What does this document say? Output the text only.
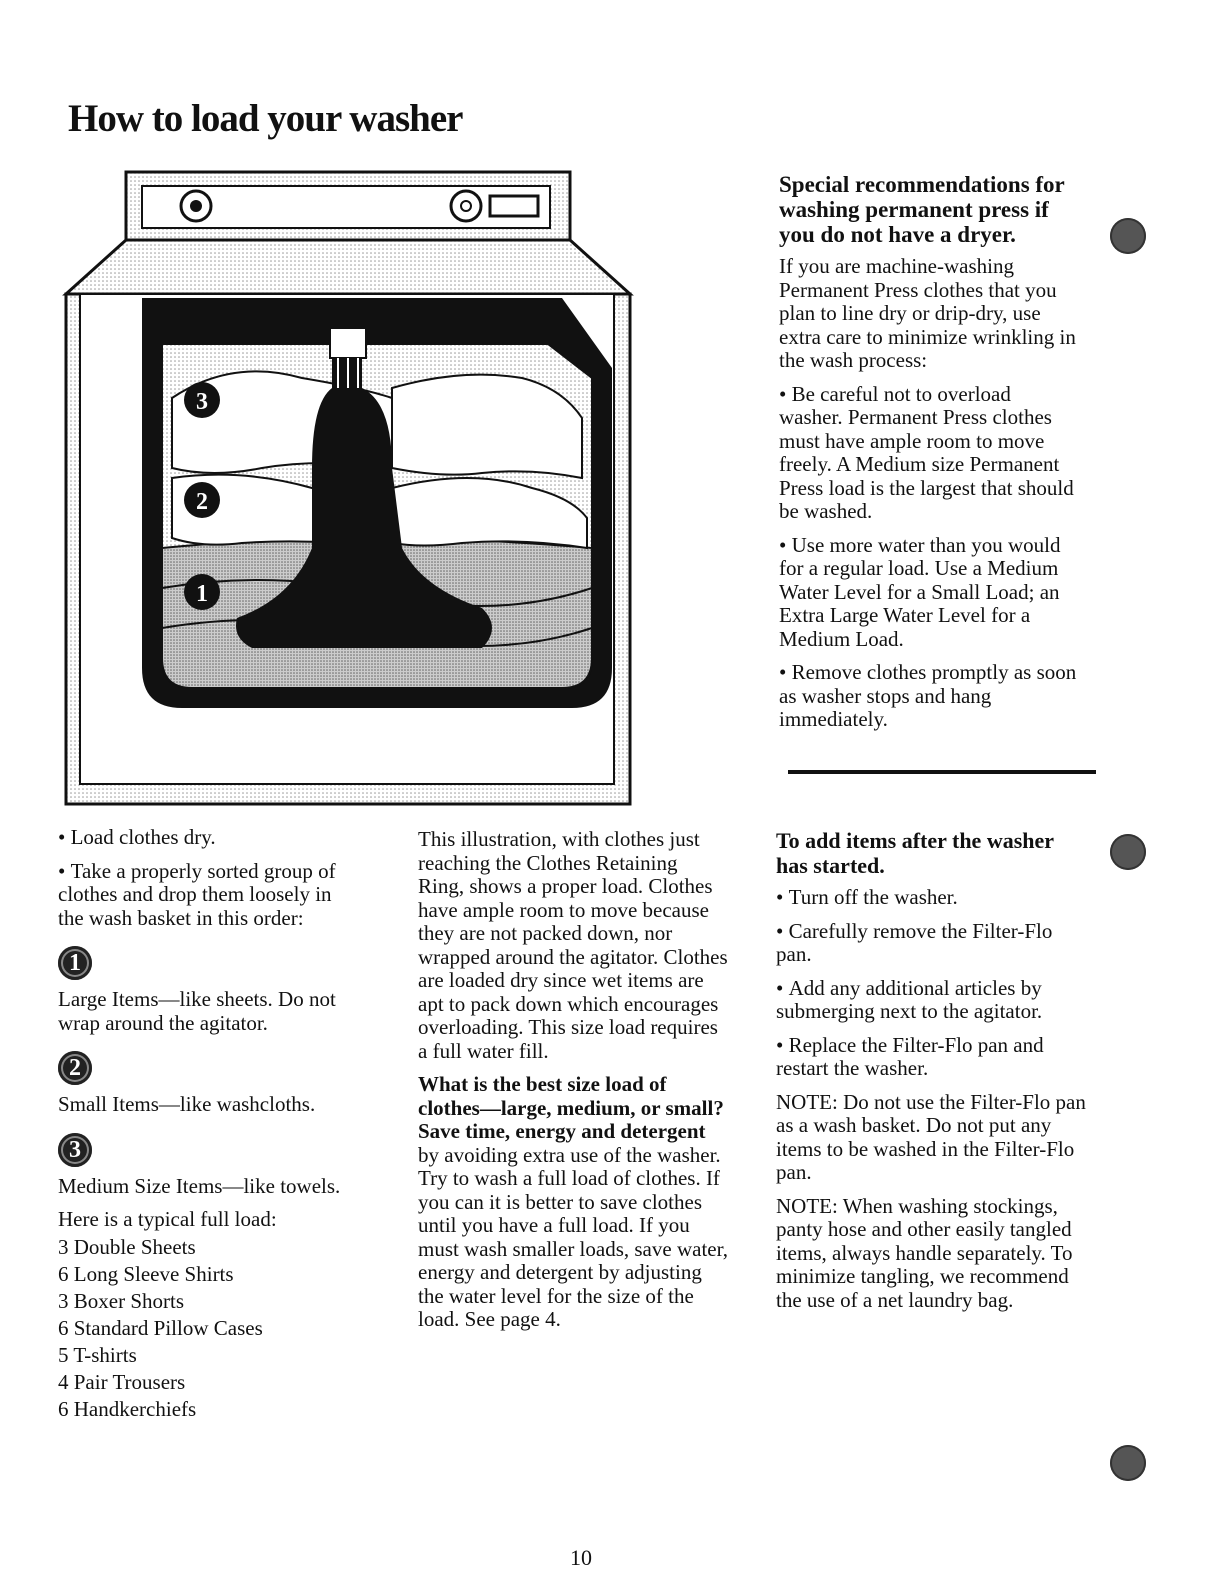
How to load your washer
3
2
1

• Load clothes dry.

• Take a properly sorted group of clothes and drop them loosely in the wash basket in this order:

1

Large Items—like sheets. Do not wrap around the agitator.

2

Small Items—like washcloths.

3

Medium Size Items—like towels.

Here is a typical full load:

3 Double Sheets
6 Long Sleeve Shirts
3 Boxer Shorts
6 Standard Pillow Cases
5 T-shirts
4 Pair Trousers
6 Handkerchiefs

This illustration, with clothes just reaching the Clothes Retaining Ring, shows a proper load. Clothes have ample room to move because they are not packed down, nor wrapped around the agitator. Clothes are loaded dry since wet items are apt to pack down which encourages overloading. This size load requires a full water fill.

What is the best size load of clothes—large, medium, or small? Save time, energy and detergent by avoiding extra use of the washer. Try to wash a full load of clothes. If you can it is better to save clothes until you have a full load. If you must wash smaller loads, save water, energy and detergent by adjusting the water level for the size of the load. See page 4.

Special recommendations for washing permanent press if you do not have a dryer.

If you are machine-washing Permanent Press clothes that you plan to line dry or drip-dry, use extra care to minimize wrinkling in the wash process:

• Be careful not to overload washer. Permanent Press clothes must have ample room to move freely. A Medium size Permanent Press load is the largest that should be washed.

• Use more water than you would for a regular load. Use a Medium Water Level for a Small Load; an Extra Large Water Level for a Medium Load.

• Remove clothes promptly as soon as washer stops and hang immediately.

To add items after the washer has started.

• Turn off the washer.

• Carefully remove the Filter-Flo pan.

• Add any additional articles by submerging next to the agitator.

• Replace the Filter-Flo pan and restart the washer.

NOTE: Do not use the Filter-Flo pan as a wash basket. Do not put any items to be washed in the Filter-Flo pan.

NOTE: When washing stockings, panty hose and other easily tangled items, always handle separately. To minimize tangling, we recommend the use of a net laundry bag.

10
